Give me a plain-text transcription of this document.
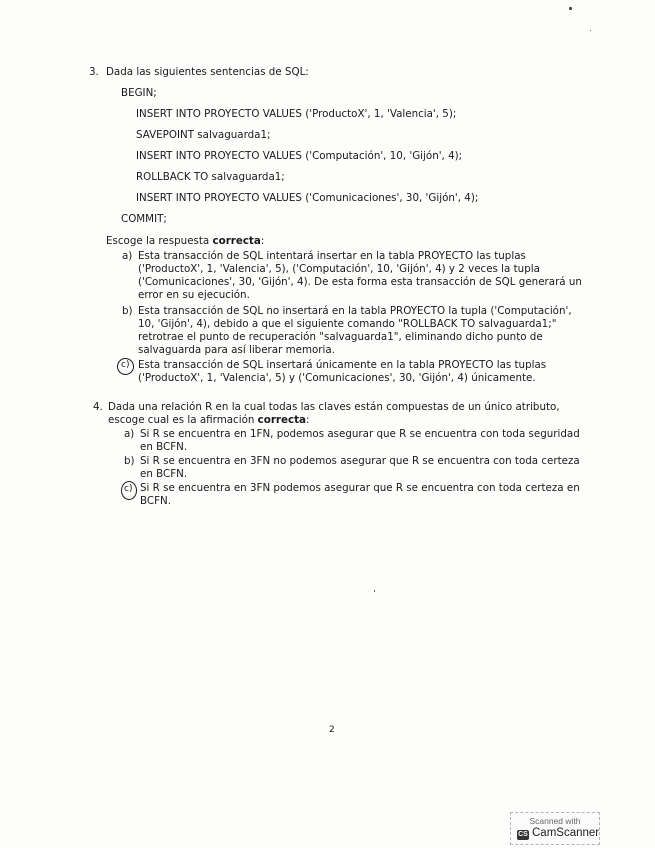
3. Dada las siguientes sentencias de SQL:
BEGIN;
INSERT INTO PROYECTO VALUES ('ProductoX', 1, 'Valencia', 5);
SAVEPOINT salvaguarda1;
INSERT INTO PROYECTO VALUES ('Computación', 10, 'Gijón', 4);
ROLLBACK TO salvaguarda1;
INSERT INTO PROYECTO VALUES ('Comunicaciones', 30, 'Gijón', 4);
COMMIT;
Escoge la respuesta correcta:
a) Esta transacción de SQL intentará insertar en la tabla PROYECTO las tuplas
('ProductoX', 1, 'Valencia', 5), ('Computación', 10, 'Gijón', 4) y 2 veces la tupla
('Comunicaciones', 30, 'Gijón', 4). De esta forma esta transacción de SQL generará un
error en su ejecución.
b) Esta transacción de SQL no insertará en la tabla PROYECTO la tupla ('Computación',
10, 'Gijón', 4), debido a que el siguiente comando "ROLLBACK TO salvaguarda1;"
retrotrae el punto de recuperación "salvaguarda1", eliminando dicho punto de
salvaguarda para así liberar memoria.
c) Esta transacción de SQL insertará únicamente en la tabla PROYECTO las tuplas
('ProductoX', 1, 'Valencia', 5) y ('Comunicaciones', 30, 'Gijón', 4) únicamente.
4. Dada una relación R en la cual todas las claves están compuestas de un único atributo,
escoge cual es la afirmación correcta:
a) Si R se encuentra en 1FN, podemos asegurar que R se encuentra con toda seguridad
en BCFN.
b) Si R se encuentra en 3FN no podemos asegurar que R se encuentra con toda certeza
en BCFN.
c) Si R se encuentra en 3FN podemos asegurar que R se encuentra con toda certeza en
BCFN.
2
Scanned with
CS CamScanner
